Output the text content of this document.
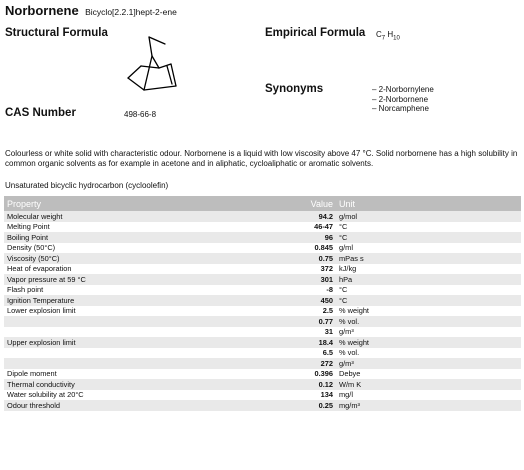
Norbornene Bicyclo[2.2.1]hept-2-ene
Structural Formula	Empirical Formula $C_7$ $H_{10}$
Synonyms	– 2-Norbornylene
– 2-Norbornene
– Norcamphene
CAS Number	498-66-8
Colourless or white solid with characteristic odour. Norbornene is a liquid with low viscosity above 47 °C. Solid norbornene has a high solubility in common organic solvents as for example in acetone and in aliphatic, cycloaliphatic or aromatic solvents.
Unsaturated bicyclic hydrocarbon (cycloolefin)
Property	Value	Unit
Molecular weight	94.2	g/mol
Melting Point	46-47	°C
Boiling Point	96	°C
Density (50°C)	0.845	g/ml
Viscosity (50°C)	0.75	mPas s
Heat of evaporation	372	kJ/kg
Vapor pressure at 59 °C	301	hPa
Flash point	-8	°C
Ignition Temperature	450	°C
Lower explosion limit	2.5	% weight
	0.77	% vol.
	31	g/m³
Upper explosion limit	18.4	% weight
	6.5	% vol.
	272	g/m³
Dipole moment	0.396	Debye
Thermal conductivity	0.12	W/m K
Water solubility at 20°C	134	mg/l
Odour threshold	0.25	mg/m³
